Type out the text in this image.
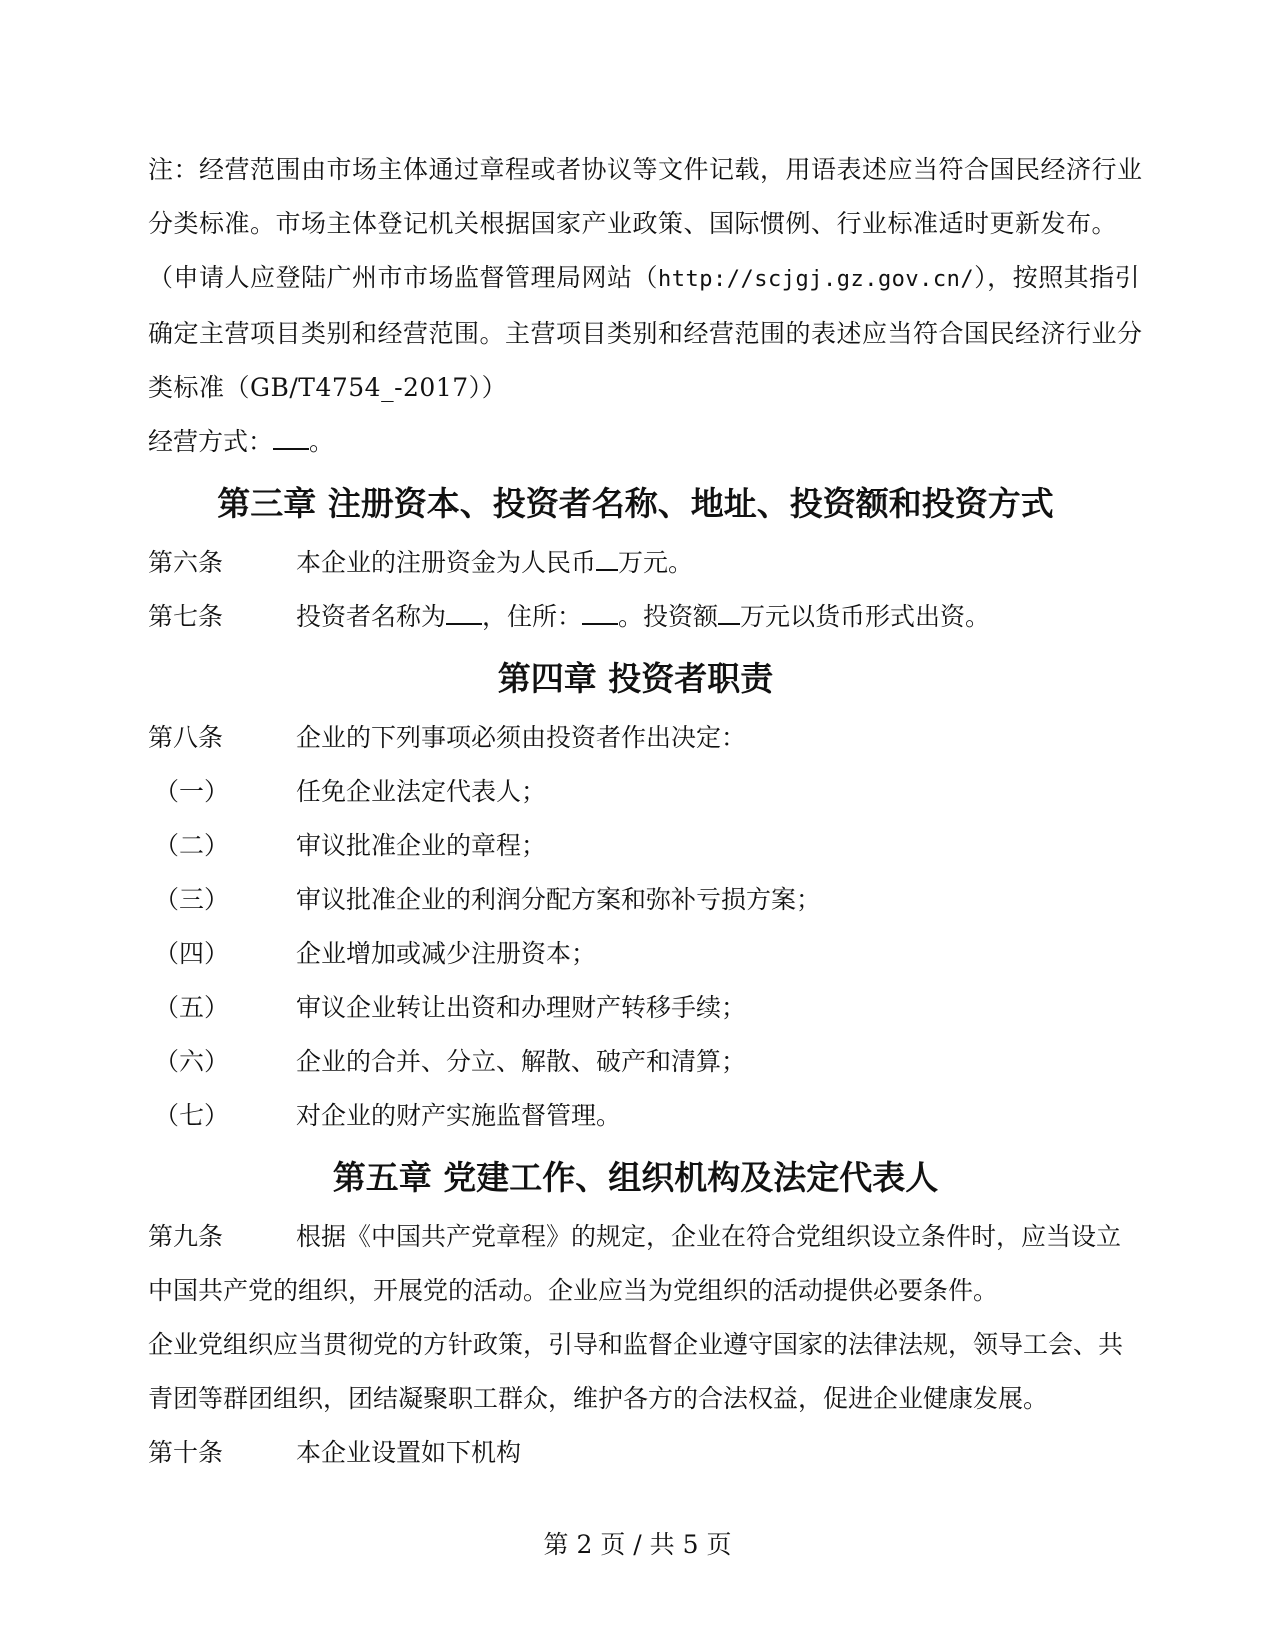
注：经营范围由市场主体通过章程或者协议等文件记载，用语表述应当符合国民经济行业

分类标准。市场主体登记机关根据国家产业政策、国际惯例、行业标准适时更新发布。

（申请人应登陆广州市市场监督管理局网站（http://scjgj.gz.gov.cn/），按照其指引

确定主营项目类别和经营范围。主营项目类别和经营范围的表述应当符合国民经济行业分

类标准（GB/T4754_-2017））

经营方式： 。

第三章 注册资本、投资者名称、地址、投资额和投资方式
第六条	本企业的注册资金为人民币 万元。
第七条	投资者名称为 ，住所： 。投资额 万元以货币形式出资。
第四章 投资者职责
第八条	企业的下列事项必须由投资者作出决定：
（一）	任免企业法定代表人；
（二）	审议批准企业的章程；
（三）	审议批准企业的利润分配方案和弥补亏损方案；
（四）	企业增加或减少注册资本；
（五）	审议企业转让出资和办理财产转移手续；
（六）	企业的合并、分立、解散、破产和清算；
（七）	对企业的财产实施监督管理。
第五章 党建工作、组织机构及法定代表人
第九条	根据《中国共产党章程》的规定，企业在符合党组织设立条件时，应当设立

中国共产党的组织，开展党的活动。企业应当为党组织的活动提供必要条件。

企业党组织应当贯彻党的方针政策，引导和监督企业遵守国家的法律法规，领导工会、共

青团等群团组织，团结凝聚职工群众，维护各方的合法权益，促进企业健康发展。

第十条	本企业设置如下机构
第 2 页 / 共 5 页
